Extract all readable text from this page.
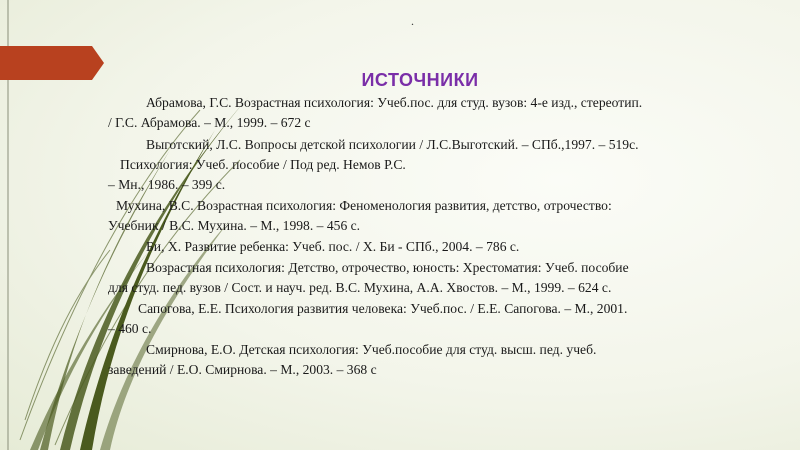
.
ИСТОЧНИКИ
Абрамова, Г.С. Возрастная психология: Учеб.пос. для студ. вузов: 4-е изд., стереотип.
/ Г.С. Абрамова. – М., 1999. – 672 с
Выготский, Л.С. Вопросы детской психологии / Л.С.Выготский. – СПб.,1997. – 519с.
Психология: Учеб. пособие / Под ред. Немов Р.С.
– Мн., 1986. – 399 с.
Мухина, В.С. Возрастная психология: Феноменология развития, детство, отрочество:
Учебник / В.С. Мухина. – М., 1998. – 456 с.
Би, Х. Развитие ребенка: Учеб. пос. / Х. Би - СПб., 2004. – 786 с.
Возрастная психология: Детство, отрочество, юность: Хрестоматия: Учеб. пособие
для студ. пед. вузов / Сост. и науч. ред. В.С. Мухина, А.А. Хвостов. – М., 1999. – 624 с.
Сапогова, Е.Е. Психология развития человека: Учеб.пос. / Е.Е. Сапогова. – М., 2001.
– 460 с.
Смирнова, Е.О. Детская психология: Учеб.пособие для студ. высш. пед. учеб.
заведений / Е.О. Смирнова. – М., 2003. – 368 с
